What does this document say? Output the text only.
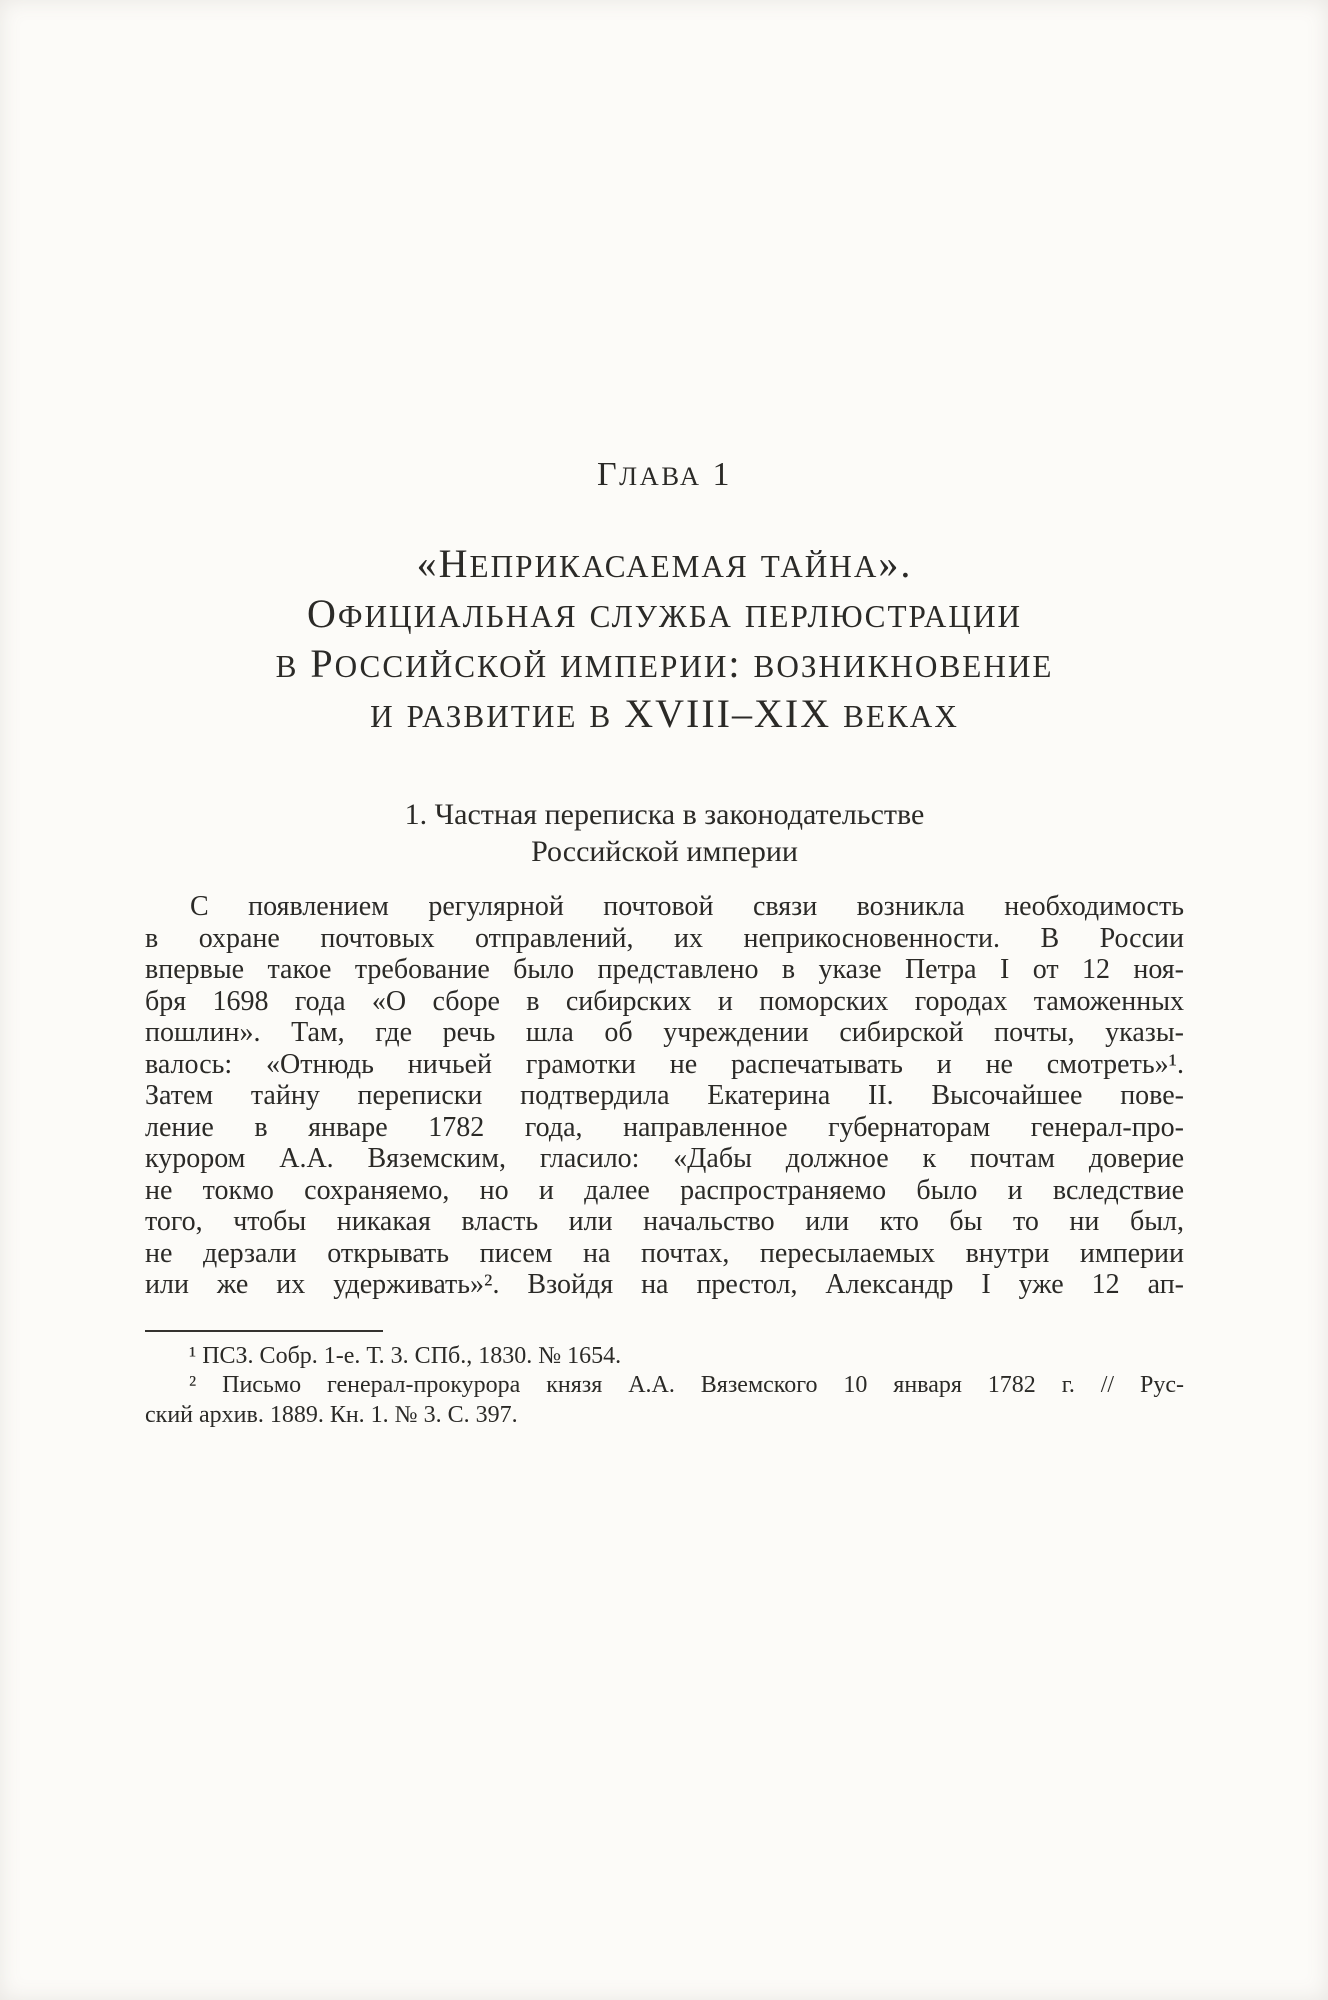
ГЛАВА 1
«НЕПРИКАСАЕМАЯ ТАЙНА».
ОФИЦИАЛЬНАЯ СЛУЖБА ПЕРЛЮСТРАЦИИ
В РОССИЙСКОЙ ИМПЕРИИ: ВОЗНИКНОВЕНИЕ
И РАЗВИТИЕ В XVIII–XIX ВЕКАХ
1. Частная переписка в законодательстве
Российской империи
С появлением регулярной почтовой связи возникла необходимость
в охране почтовых отправлений, их неприкосновенности. В России
впервые такое требование было представлено в указе Петра I от 12 ноя-
бря 1698 года «О сборе в сибирских и поморских городах таможенных
пошлин». Там, где речь шла об учреждении сибирской почты, указы-
валось: «Отнюдь ничьей грамотки не распечатывать и не смотреть»¹.
Затем тайну переписки подтвердила Екатерина II. Высочайшее пове-
ление в январе 1782 года, направленное губернаторам генерал-про-
курором А.А. Вяземским, гласило: «Дабы должное к почтам доверие
не токмо сохраняемо, но и далее распространяемо было и вследствие
того, чтобы никакая власть или начальство или кто бы то ни был,
не дерзали открывать писем на почтах, пересылаемых внутри империи
или же их удерживать»². Взойдя на престол, Александр I уже 12 ап-
¹ ПСЗ. Собр. 1-е. Т. 3. СПб., 1830. № 1654.
² Письмо генерал-прокурора князя А.А. Вяземского 10 января 1782 г. // Рус-
ский архив. 1889. Кн. 1. № 3. С. 397.
